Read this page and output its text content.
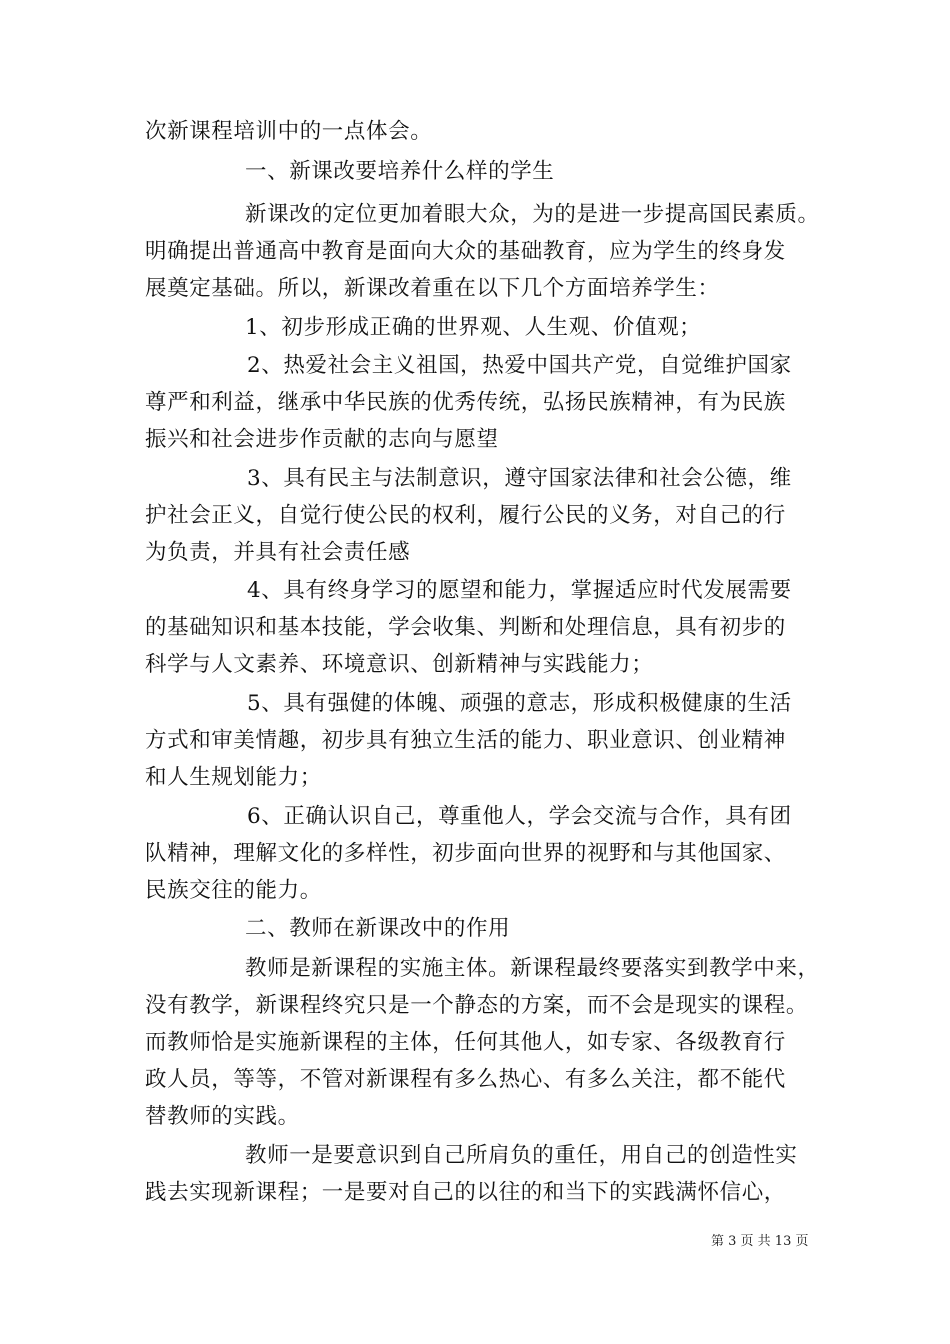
次新课程培训中的一点体会。
一、新课改要培养什么样的学生
新课改的定位更加着眼大众，为的是进一步提高国民素质。
明确提出普通高中教育是面向大众的基础教育，应为学生的终身发
展奠定基础。所以，新课改着重在以下几个方面培养学生：
1、初步形成正确的世界观、人生观、价值观；
2、热爱社会主义祖国，热爱中国共产党，自觉维护国家
尊严和利益，继承中华民族的优秀传统，弘扬民族精神，有为民族
振兴和社会进步作贡献的志向与愿望
3、具有民主与法制意识，遵守国家法律和社会公德，维
护社会正义，自觉行使公民的权利，履行公民的义务，对自己的行
为负责，并具有社会责任感
4、具有终身学习的愿望和能力，掌握适应时代发展需要
的基础知识和基本技能，学会收集、判断和处理信息，具有初步的
科学与人文素养、环境意识、创新精神与实践能力；
5、具有强健的体魄、顽强的意志，形成积极健康的生活
方式和审美情趣，初步具有独立生活的能力、职业意识、创业精神
和人生规划能力；
6、正确认识自己，尊重他人，学会交流与合作，具有团
队精神，理解文化的多样性，初步面向世界的视野和与其他国家、
民族交往的能力。
二、教师在新课改中的作用
教师是新课程的实施主体。新课程最终要落实到教学中来，
没有教学，新课程终究只是一个静态的方案，而不会是现实的课程。
而教师恰是实施新课程的主体，任何其他人，如专家、各级教育行
政人员，等等，不管对新课程有多么热心、有多么关注，都不能代
替教师的实践。
教师一是要意识到自己所肩负的重任，用自己的创造性实
践去实现新课程；一是要对自己的以往的和当下的实践满怀信心，
第 3 页 共 13 页
